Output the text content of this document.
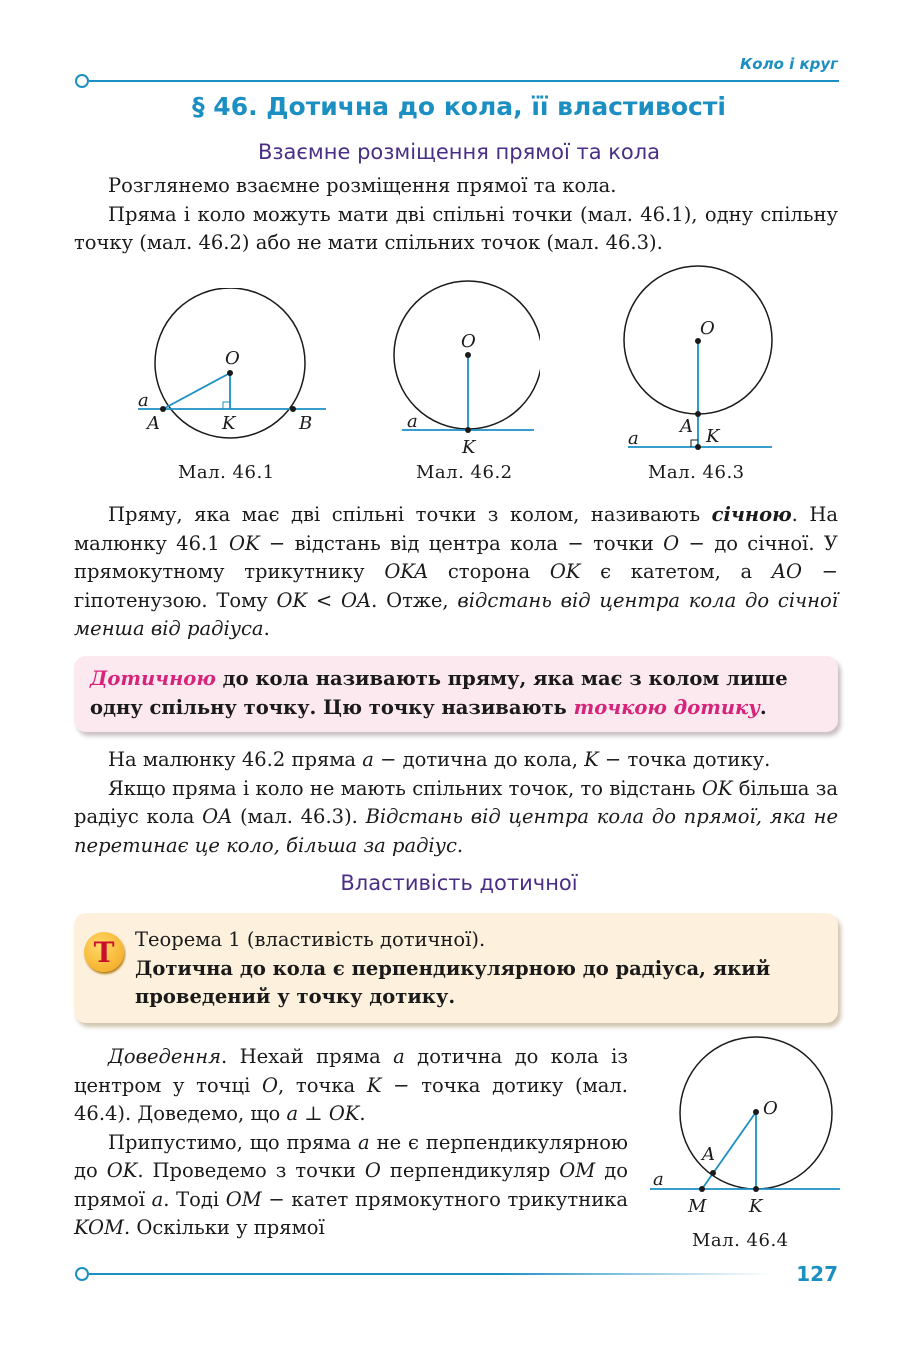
Коло і круг
§ 46. Дотична до кола, її властивості
Взаємне розміщення прямої та кола

Розглянемо взаємне розміщення прямої та кола.

Пряма і коло можуть мати дві спільні точки (мал. 46.1), одну спільну точку (мал. 46.2) або не мати спільних точок (мал. 46.3).

O
a
A	K	B
Мал. 46.1
O
a
K
Мал. 46.2
O
a
A K
Мал. 46.3

Пряму, яка має дві спільні точки з колом, називають січною. На малюнку 46.1 OK − відстань від центра кола − точки O − до січної. У прямокутному трикутнику OKA сторона OK є катетом, а AO − гіпотенузою. Тому OK < OA. Отже, відстань від центра кола до січної менша від радіуса.

Дотичною до кола називають пряму, яка має з колом лише одну спільну точку. Цю точку називають точкою дотику.

На малюнку 46.2 пряма a − дотична до кола, K − точка дотику.

Якщо пряма і коло не мають спільних точок, то відстань OK більша за радіус кола OA (мал. 46.3). Відстань від центра кола до прямої, яка не перетинає це коло, більша за радіус.

Властивість дотичної
Т	Теорема 1 (властивість дотичної).
Дотична до кола є перпендикулярною до радіуса, який проведений у точку дотику.

Доведення. Нехай пряма a дотична до кола із центром у точці O, точка K − точка дотику (мал. 46.4). Доведемо, що a ⊥ OK.

Припустимо, що пряма a не є перпендикулярною до OK. Проведемо з точки O перпендикуляр OM до прямої a. Тоді OM − катет прямокутного трикутника KOM. Оскільки у прямої

O
a
A
M K
Мал. 46.4
127
